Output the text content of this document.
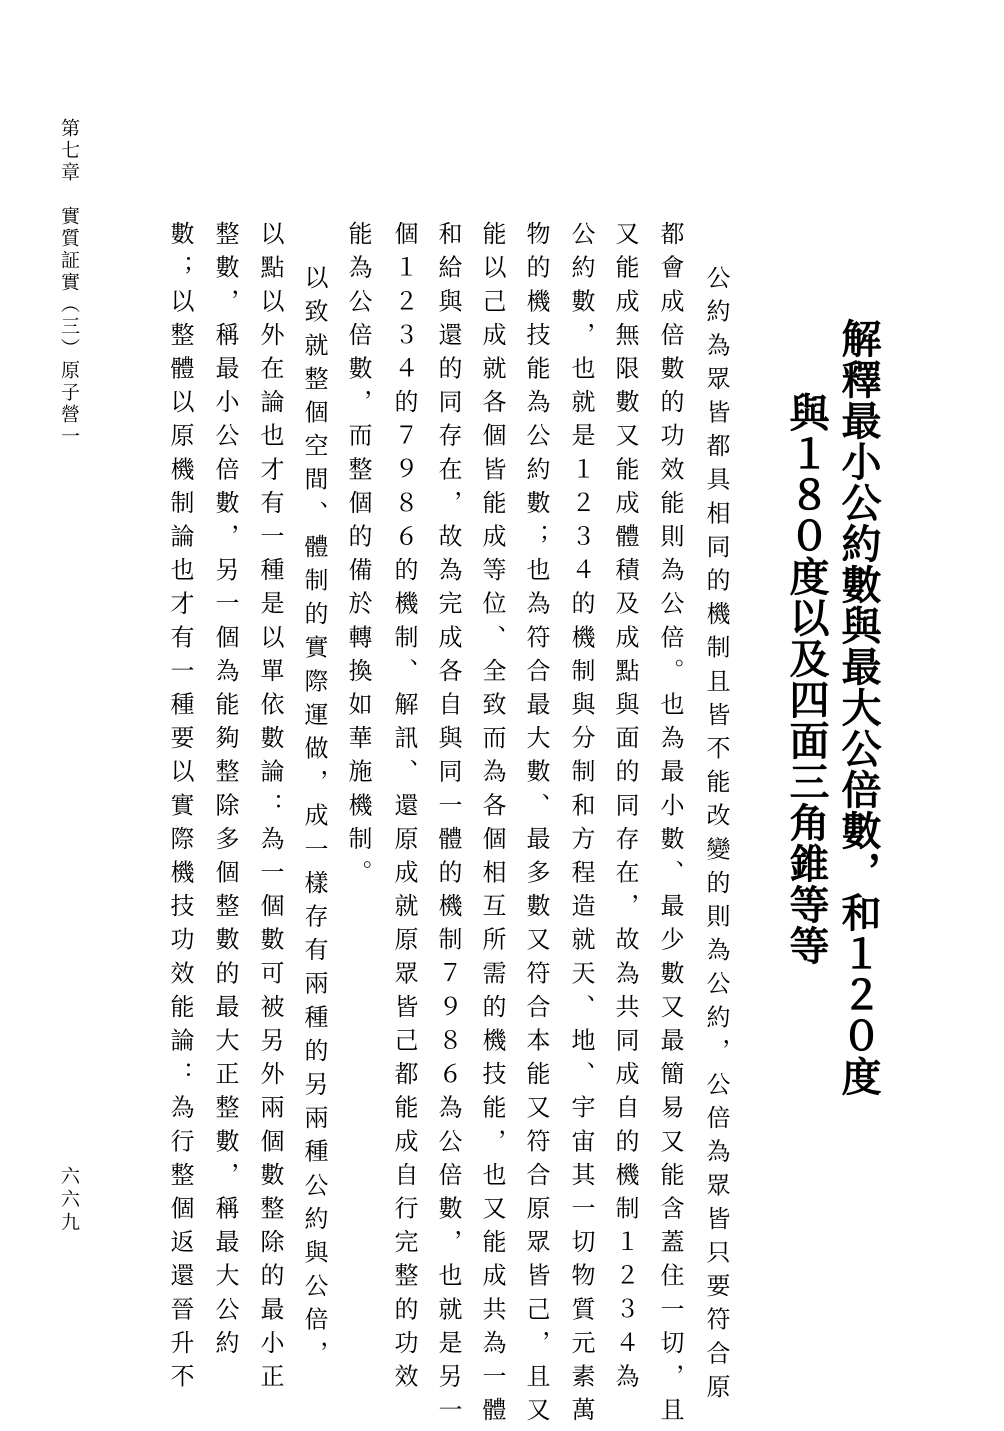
第七章　實質証實（三）原子營一
六六九
解釋最小公約數與最大公倍數，和１２０度
與１８０度以及四面三角錐等等
公約為眾皆都具相同的機制且皆不能改變的則為公約，公倍為眾皆只要符合原
都會成倍數的功效能則為公倍。也為最小數、最少數又最簡易又能含蓋住一切，且
又能成無限數又能成體積及成點與面的同存在，故為共同成自的機制１２３４為
公約數，也就是１２３４的機制與分制和方程造就天、地、宇宙其一切物質元素萬
物的機技能為公約數；也為符合最大數、最多數又符合本能又符合原眾皆己，且又
能以己成就各個皆能成等位、全致而為各個相互所需的機技能，也又能成共為一體
和給與還的同存在，故為完成各自與同一體的機制７９８６為公倍數，也就是另一
個１２３４的７９８６的機制、解訊、還原成就原眾皆己都能成自行完整的功效
能為公倍數，而整個的備於轉換如華施機制。
以致就整個空間、體制的實際運做，成一樣存有兩種的另兩種公約與公倍，
以點以外在論也才有一種是以單依數論：為一個數可被另外兩個數整除的最小正
整數，稱最小公倍數，另一個為能夠整除多個整數的最大正整數，稱最大公約
數；以整體以原機制論也才有一種要以實際機技功效能論：為行整個返還晉升不
